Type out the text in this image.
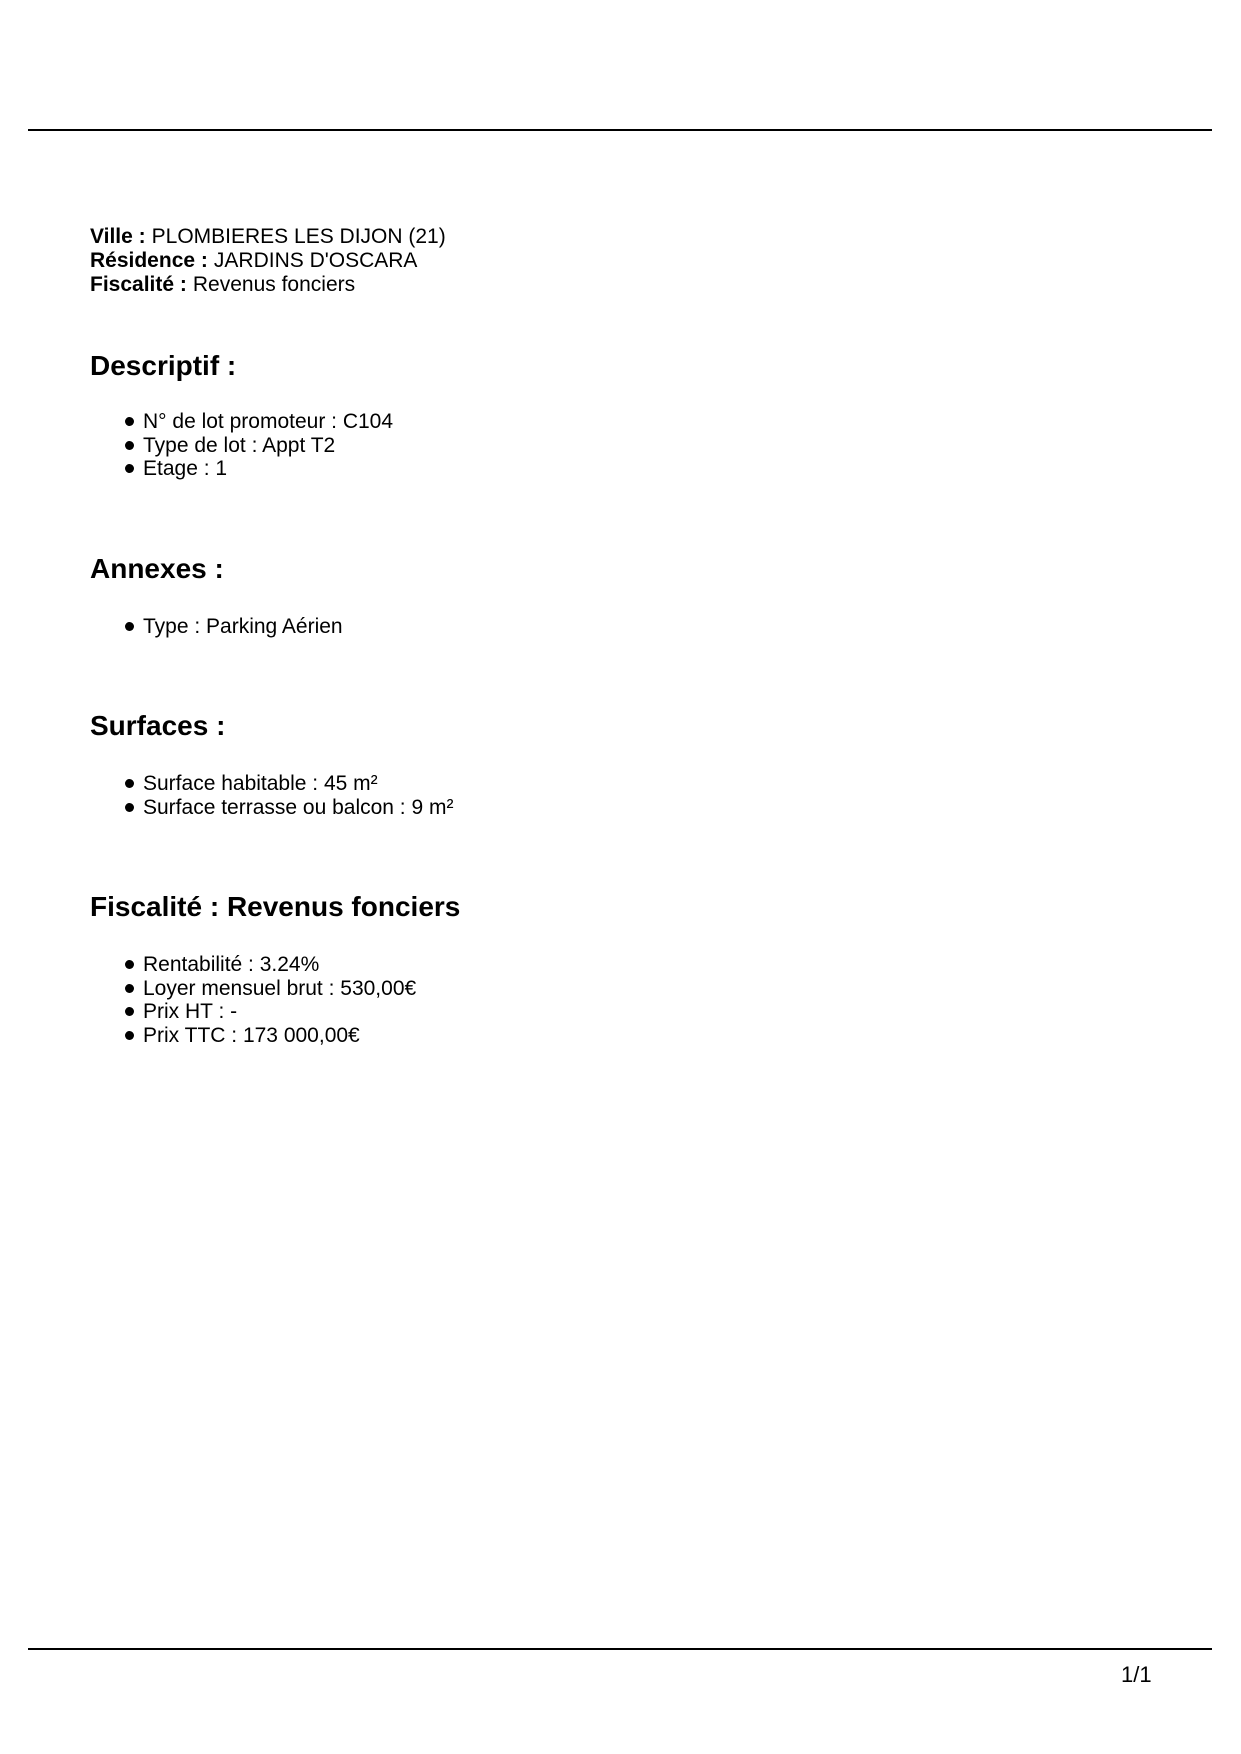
Ville : PLOMBIERES LES DIJON (21)
Résidence : JARDINS D'OSCARA
Fiscalité : Revenus fonciers
Descriptif :
N° de lot promoteur : C104
Type de lot : Appt T2
Etage : 1
Annexes :
Type : Parking Aérien
Surfaces :
Surface habitable : 45 m²
Surface terrasse ou balcon : 9 m²
Fiscalité : Revenus fonciers
Rentabilité : 3.24%
Loyer mensuel brut : 530,00€
Prix HT : -
Prix TTC : 173 000,00€
1/1
